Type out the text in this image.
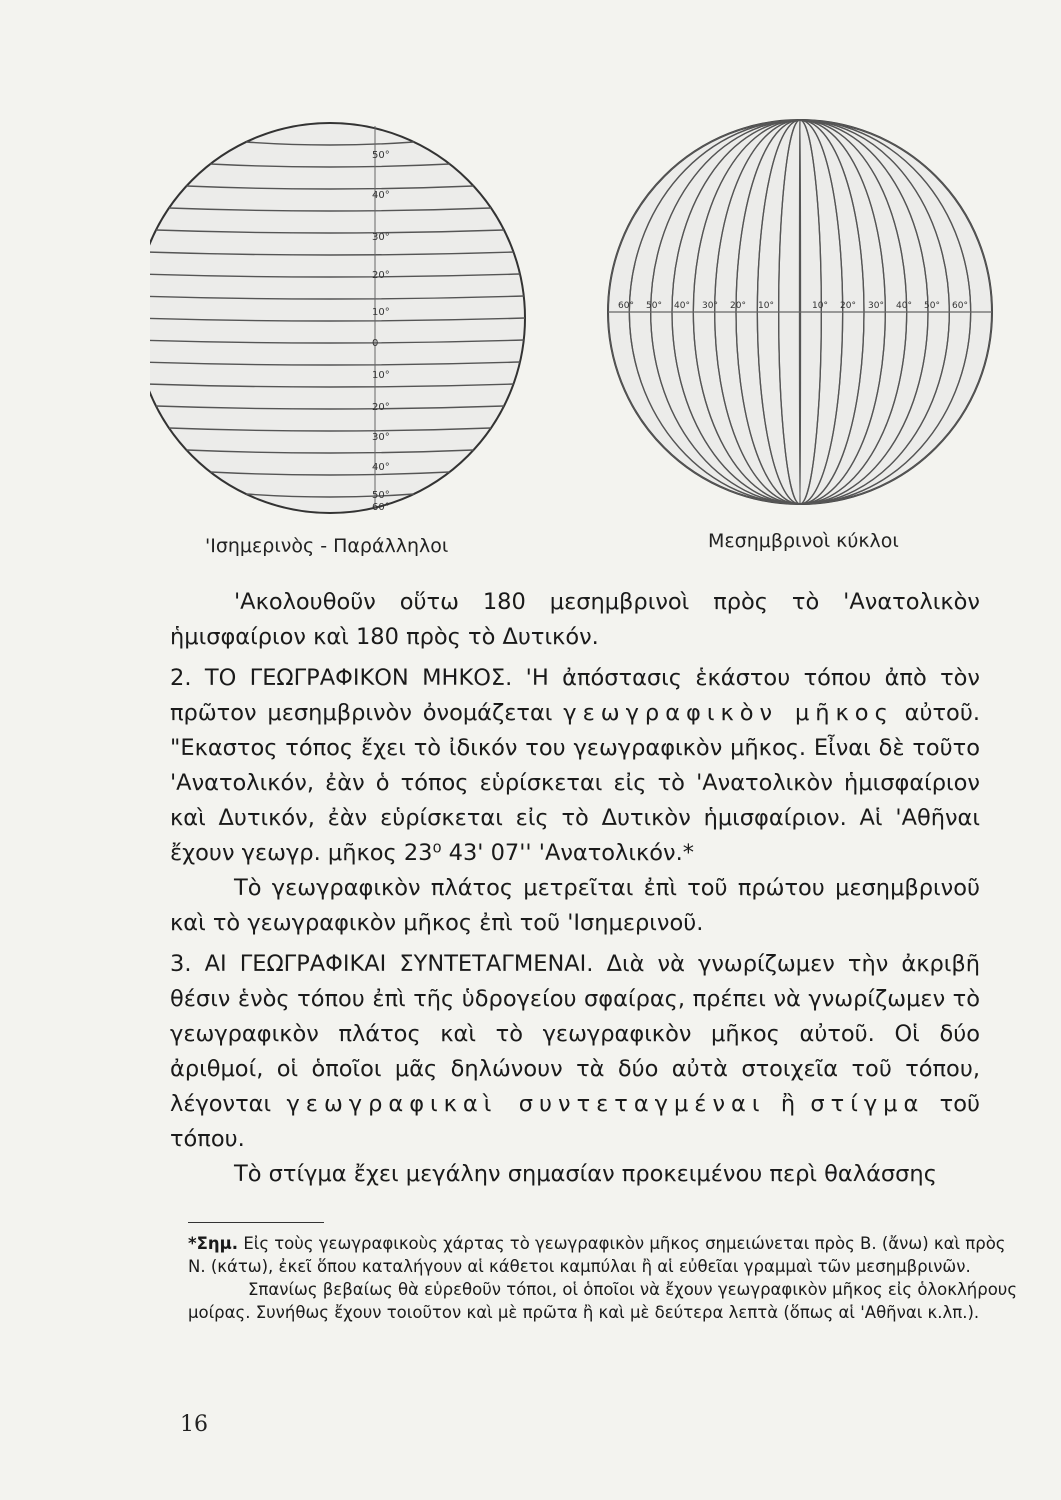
50°
40°
30°
20°
10°
0
10°
20°
30°
40°
50°
60°
60° 50° 40° 30° 20° 10°	10° 20° 30° 40° 50° 60°
'Ισημερινὸς - Παράλληλοι	Μεσημβρινοὶ κύκλοι

'Ακολουθοῦν οὕτω 180 μεσημβρινοὶ πρὸς τὸ 'Ανατολικὸν ἡμισφαίριον καὶ 180 πρὸς τὸ Δυτικόν.

2. ΤΟ ΓΕΩΓΡΑΦΙΚΟΝ ΜΗΚΟΣ. 'Η ἀπόστασις ἑκάστου τόπου ἀπὸ τὸν πρῶτον μεσημβρινὸν ὀνομάζεται γεωγραφικὸν μῆκος αὐτοῦ. "Εκαστος τόπος ἔχει τὸ ἰδικόν του γεωγραφικὸν μῆκος. Εἶναι δὲ τοῦτο 'Ανατολικόν, ἐὰν ὁ τόπος εὑρίσκεται εἰς τὸ 'Ανατολικὸν ἡμισφαίριον καὶ Δυτικόν, ἐὰν εὑρίσκεται εἰς τὸ Δυτικὸν ἡμισφαίριον. Αἱ 'Αθῆναι ἔχουν γεωγρ. μῆκος 23⁰ 43' 07'' 'Ανατολικόν.*

Τὸ γεωγραφικὸν πλάτος μετρεῖται ἐπὶ τοῦ πρώτου μεσημβρινοῦ καὶ τὸ γεωγραφικὸν μῆκος ἐπὶ τοῦ 'Ισημερινοῦ.

3. ΑΙ ΓΕΩΓΡΑΦΙΚΑΙ ΣΥΝΤΕΤΑΓΜΕΝΑΙ. Διὰ νὰ γνωρίζωμεν τὴν ἀκριβῆ θέσιν ἑνὸς τόπου ἐπὶ τῆς ὑδρογείου σφαίρας, πρέπει νὰ γνωρίζωμεν τὸ γεωγραφικὸν πλάτος καὶ τὸ γεωγραφικὸν μῆκος αὐτοῦ. Οἱ δύο ἀριθμοί, οἱ ὁποῖοι μᾶς δηλώνουν τὰ δύο αὐτὰ στοιχεῖα τοῦ τόπου, λέγονται γεωγραφικαὶ συντεταγμέναι ἢ στίγμα τοῦ τόπου.

Τὸ στίγμα ἔχει μεγάλην σημασίαν προκειμένου περὶ θαλάσσης

*Σημ. Εἰς τοὺς γεωγραφικοὺς χάρτας τὸ γεωγραφικὸν μῆκος σημειώνεται πρὸς Β. (ἄνω) καὶ πρὸς Ν. (κάτω), ἐκεῖ ὅπου καταλήγουν αἱ κάθετοι καμπύλαι ἢ αἱ εὐθεῖαι γραμμαὶ τῶν μεσημβρινῶν.

Σπανίως βεβαίως θὰ εὑρεθοῦν τόποι, οἱ ὁποῖοι νὰ ἔχουν γεωγραφικὸν μῆκος εἰς ὁλοκλήρους μοίρας. Συνήθως ἔχουν τοιοῦτον καὶ μὲ πρῶτα ἢ καὶ μὲ δεύτερα λεπτὰ (ὅπως αἱ 'Αθῆναι κ.λπ.).

16
